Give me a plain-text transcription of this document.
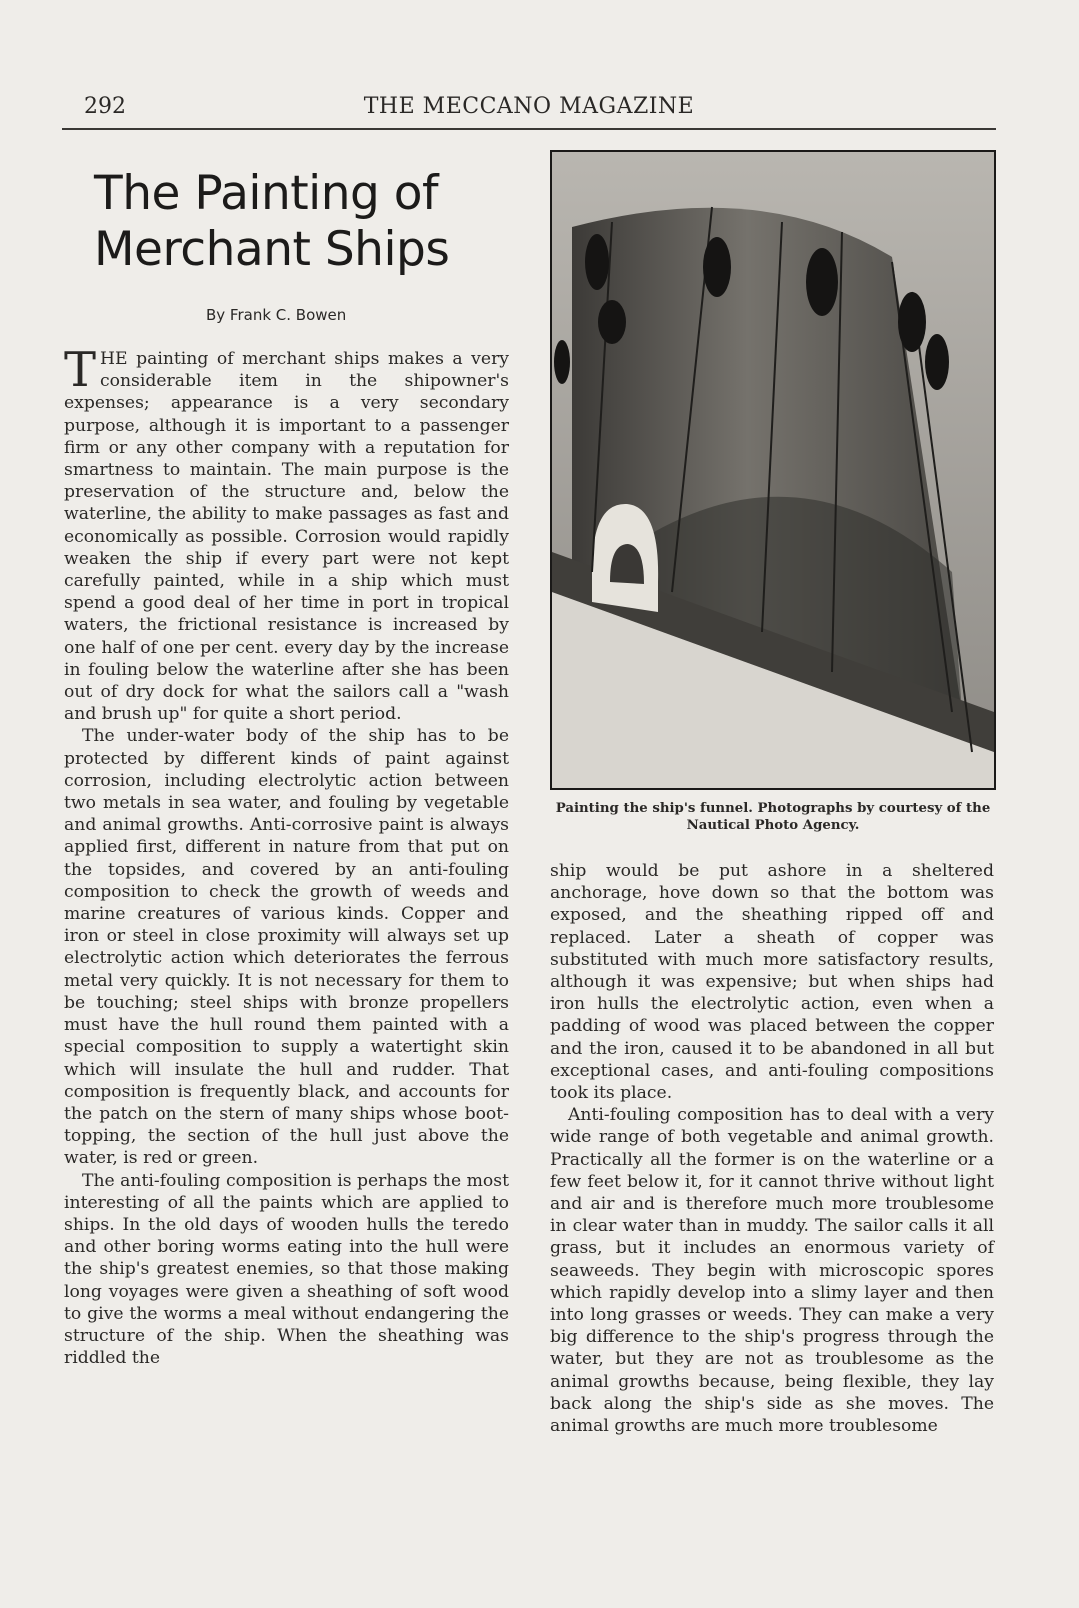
292	THE MECCANO MAGAZINE
The Painting of
Merchant Ships
By Frank C. Bowen

THE painting of merchant ships makes a very considerable item in the shipowner's expenses; appearance is a very secondary purpose, although it is important to a passenger firm or any other company with a reputation for smartness to maintain. The main purpose is the preservation of the structure and, below the waterline, the ability to make passages as fast and economically as possible. Corrosion would rapidly weaken the ship if every part were not kept carefully painted, while in a ship which must spend a good deal of her time in port in tropical waters, the frictional resistance is increased by one half of one per cent. every day by the increase in fouling below the waterline after she has been out of dry dock for what the sailors call a "wash and brush up" for quite a short period.

The under-water body of the ship has to be protected by different kinds of paint against corrosion, including electrolytic action between two metals in sea water, and fouling by vegetable and animal growths. Anti-corrosive paint is always applied first, different in nature from that put on the topsides, and covered by an anti-fouling composition to check the growth of weeds and marine creatures of various kinds. Copper and iron or steel in close proximity will always set up electrolytic action which deteriorates the ferrous metal very quickly. It is not necessary for them to be touching; steel ships with bronze propellers must have the hull round them painted with a special composition to supply a watertight skin which will insulate the hull and rudder. That composition is frequently black, and accounts for the patch on the stern of many ships whose boot-topping, the section of the hull just above the water, is red or green.

The anti-fouling composition is perhaps the most interesting of all the paints which are applied to ships. In the old days of wooden hulls the teredo and other boring worms eating into the hull were the ship's greatest enemies, so that those making long voyages were given a sheathing of soft wood to give the worms a meal without endangering the structure of the ship. When the sheathing was riddled the

Painting the ship's funnel. Photographs by courtesy of the Nautical Photo Agency.

ship would be put ashore in a sheltered anchorage, hove down so that the bottom was exposed, and the sheathing ripped off and replaced. Later a sheath of copper was substituted with much more satisfactory results, although it was expensive; but when ships had iron hulls the electrolytic action, even when a padding of wood was placed between the copper and the iron, caused it to be abandoned in all but exceptional cases, and anti-fouling compositions took its place.

Anti-fouling composition has to deal with a very wide range of both vegetable and animal growth. Practically all the former is on the waterline or a few feet below it, for it cannot thrive without light and air and is therefore much more troublesome in clear water than in muddy. The sailor calls it all grass, but it includes an enormous variety of seaweeds. They begin with microscopic spores which rapidly develop into a slimy layer and then into long grasses or weeds. They can make a very big difference to the ship's progress through the water, but they are not as troublesome as the animal growths because, being flexible, they lay back along the ship's side as she moves. The animal growths are much more troublesome
